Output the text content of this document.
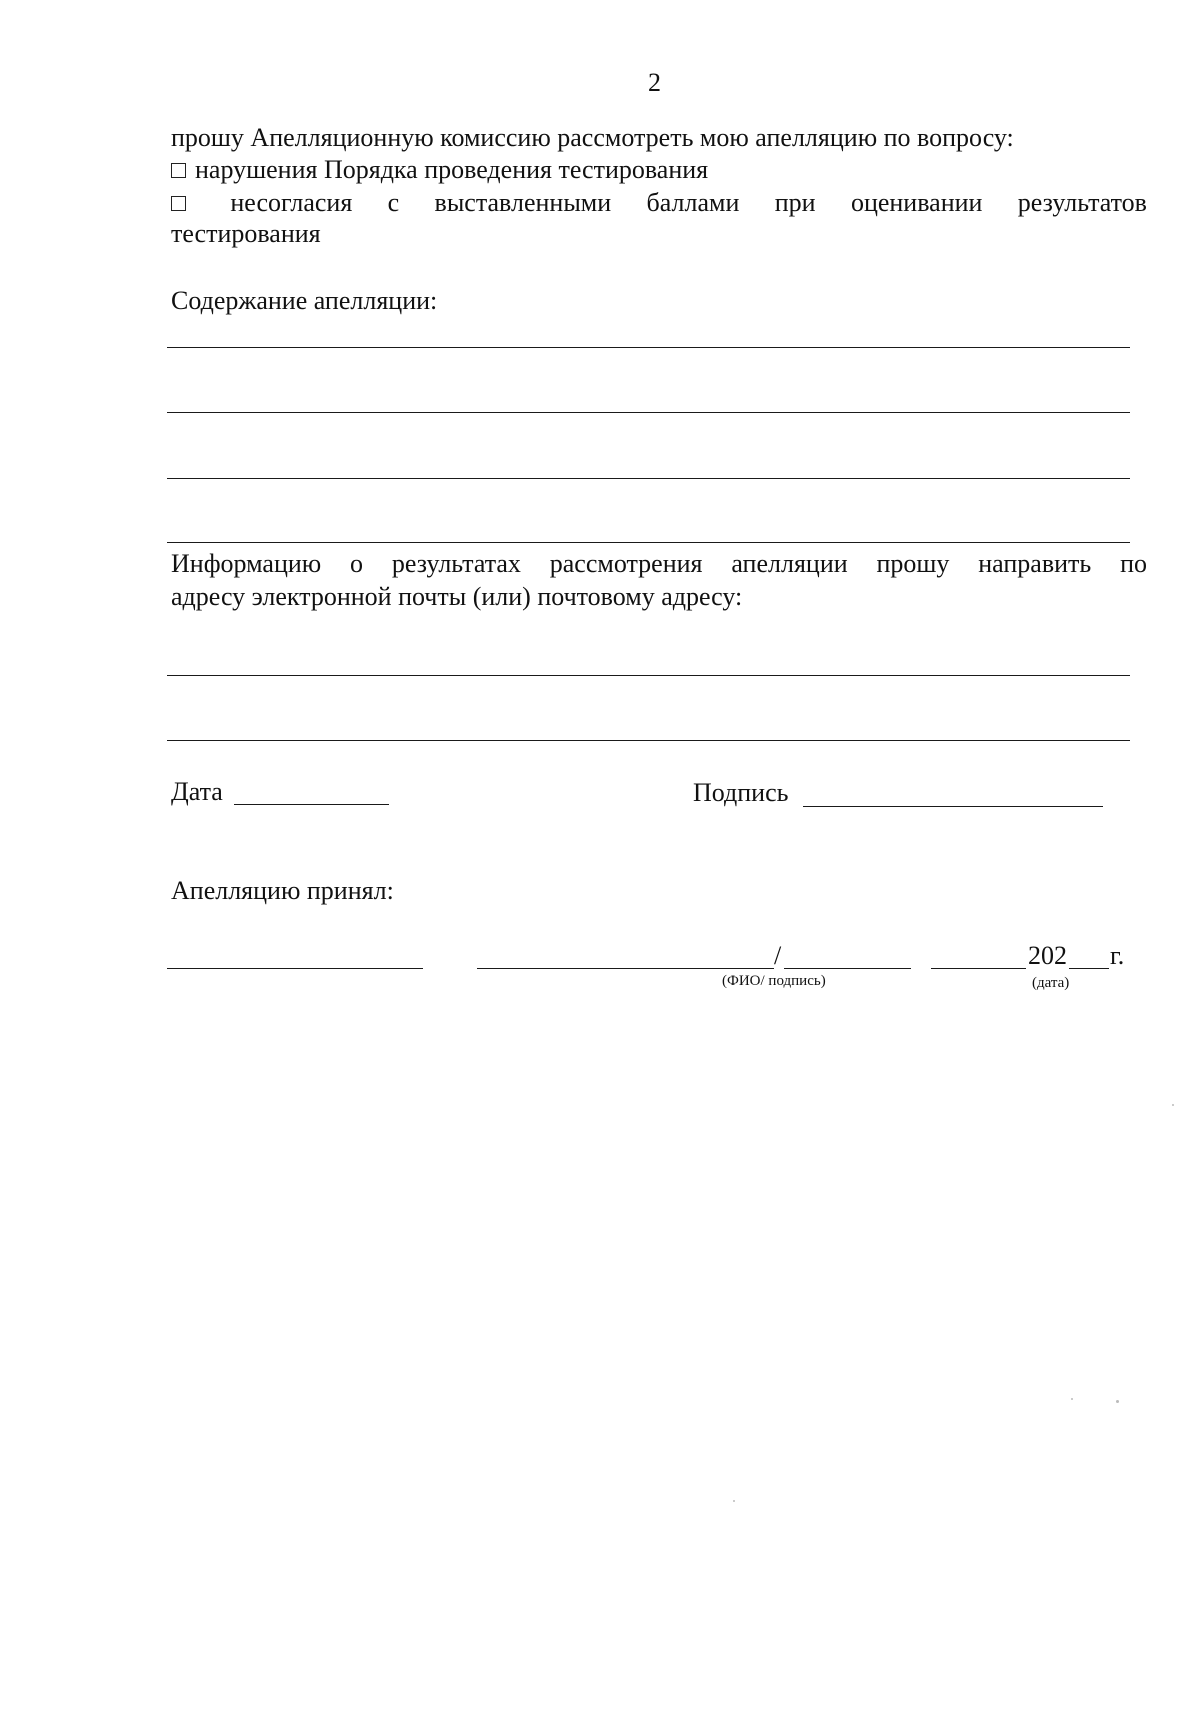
2
прошу Апелляционную комиссию рассмотреть мою апелляцию по вопросу:
нарушения Порядка проведения тестирования
несогласия с выставленными баллами при оценивании результатов
тестирования
Содержание апелляции:
Информацию о результатах рассмотрения апелляции прошу направить по
адресу электронной почты (или) почтовому адресу:
Дата	Подпись
Апелляцию принял:
/	202 г.
(ФИО/ подпись)	(дата)
